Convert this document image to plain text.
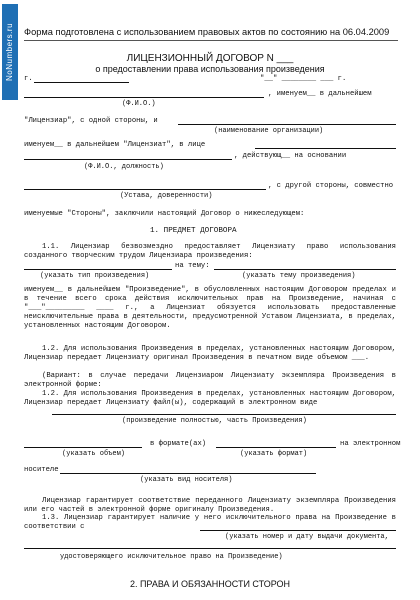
NoNumbers.ru	Форма подготовлена с использованием правовых актов по состоянию на 06.04.2009
ЛИЦЕНЗИОННЫЙ ДОГОВОР N ___
о предоставлении права использования произведения
г.	"__" ________ ___ г.
, именуем__ в дальнейшем
(Ф.И.О.)
"Лицензиар", с одной стороны, и
(наименование организации)
именуем__ в дальнейшем "Лицензиат", в лице
, действующ__ на основании
(Ф.И.О., должность)
, с другой стороны, совместно
(Устава, доверенности)
именуемые "Стороны", заключили настоящий Договор о нижеследующем:
1. ПРЕДМЕТ ДОГОВОРА
1.1. Лицензиар безвозмездно предоставляет Лицензиату право использования созданного творческим трудом Лицензиара произведения:
на тему:
(указать тип произведения)	(указать тему произведения)
именуем__ в дальнейшем "Произведение", в обусловленных настоящим Договором пределах и в течение всего срока действия исключительных прав на Произведение, начиная с "___"_________ ____ г., а Лицензиат обязуется использовать предоставленные неисключительные права в деятельности, предусмотренной Уставом Лицензиата, в пределах, установленных настоящим Договором.
1.2. Для использования Произведения в пределах, установленных настоящим Договором, Лицензиар передает Лицензиату оригинал Произведения в печатном виде объемом ___.
(Вариант: в случае передачи Лицензиаром Лицензиату экземпляра Произведения в электронной форме:
1.2. Для использования Произведения в пределах, установленных настоящим Договором, Лицензиар передает Лицензиату файл(ы), содержащий в электронном виде
(произведение полностью, часть Произведения)
в формате(ах)	на электронном
(указать объем)	(указать формат)
носителе
(указать вид носителя)
Лицензиар гарантирует соответствие переданного Лицензиату экземпляра Произведения или его частей в электронной форме оригиналу Произведения.
1.3. Лицензиар гарантирует наличие у него исключительного права на Произведение в соответствии с
(указать номер и дату выдачи документа,
удостоверяющего исключительное право на Произведение)
2. ПРАВА И ОБЯЗАННОСТИ СТОРОН
